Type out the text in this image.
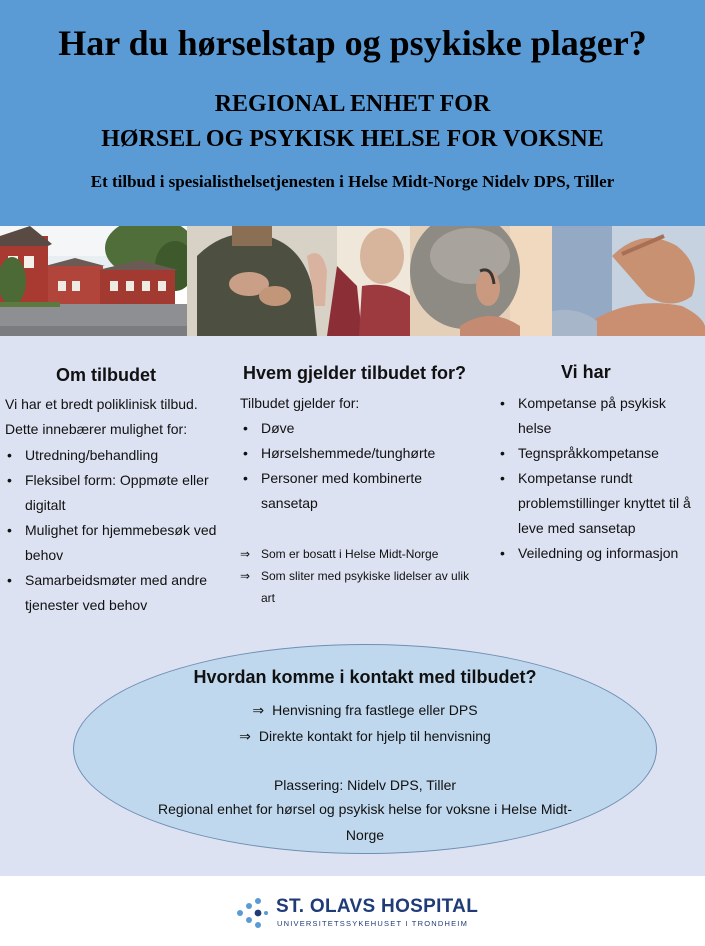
Har du hørselstap og psykiske plager?
REGIONAL ENHET FOR
HØRSEL OG PSYKISK HELSE FOR VOKSNE
Et tilbud i spesialisthelsetjenesten i Helse Midt-Norge Nidelv DPS, Tiller
Om tilbudet
Vi har et bredt poliklinisk tilbud.
Dette innebærer mulighet for:
• Utredning/behandling
• Fleksibel form: Oppmøte eller digitalt
• Mulighet for hjemmebesøk ved behov
• Samarbeidsmøter med andre tjenester ved behov
Hvem gjelder tilbudet for?
Tilbudet gjelder for:
• Døve
• Hørselshemmede/tunghørte
• Personer med kombinerte sansetap
⇒ Som er bosatt i Helse Midt-Norge
⇒ Som sliter med psykiske lidelser av ulik art
Vi har
• Kompetanse på psykisk helse
• Tegnspråkkompetanse
• Kompetanse rundt problemstillinger knyttet til å leve med sansetap
• Veiledning og informasjon
Hvordan komme i kontakt med tilbudet?
⇒ Henvisning fra fastlege eller DPS
⇒ Direkte kontakt for hjelp til henvisning
Plassering: Nidelv DPS, Tiller
Regional enhet for hørsel og psykisk helse for voksne i Helse Midt-
Norge
ST. OLAVS HOSPITAL
UNIVERSITETSSYKEHUSET I TRONDHEIM
